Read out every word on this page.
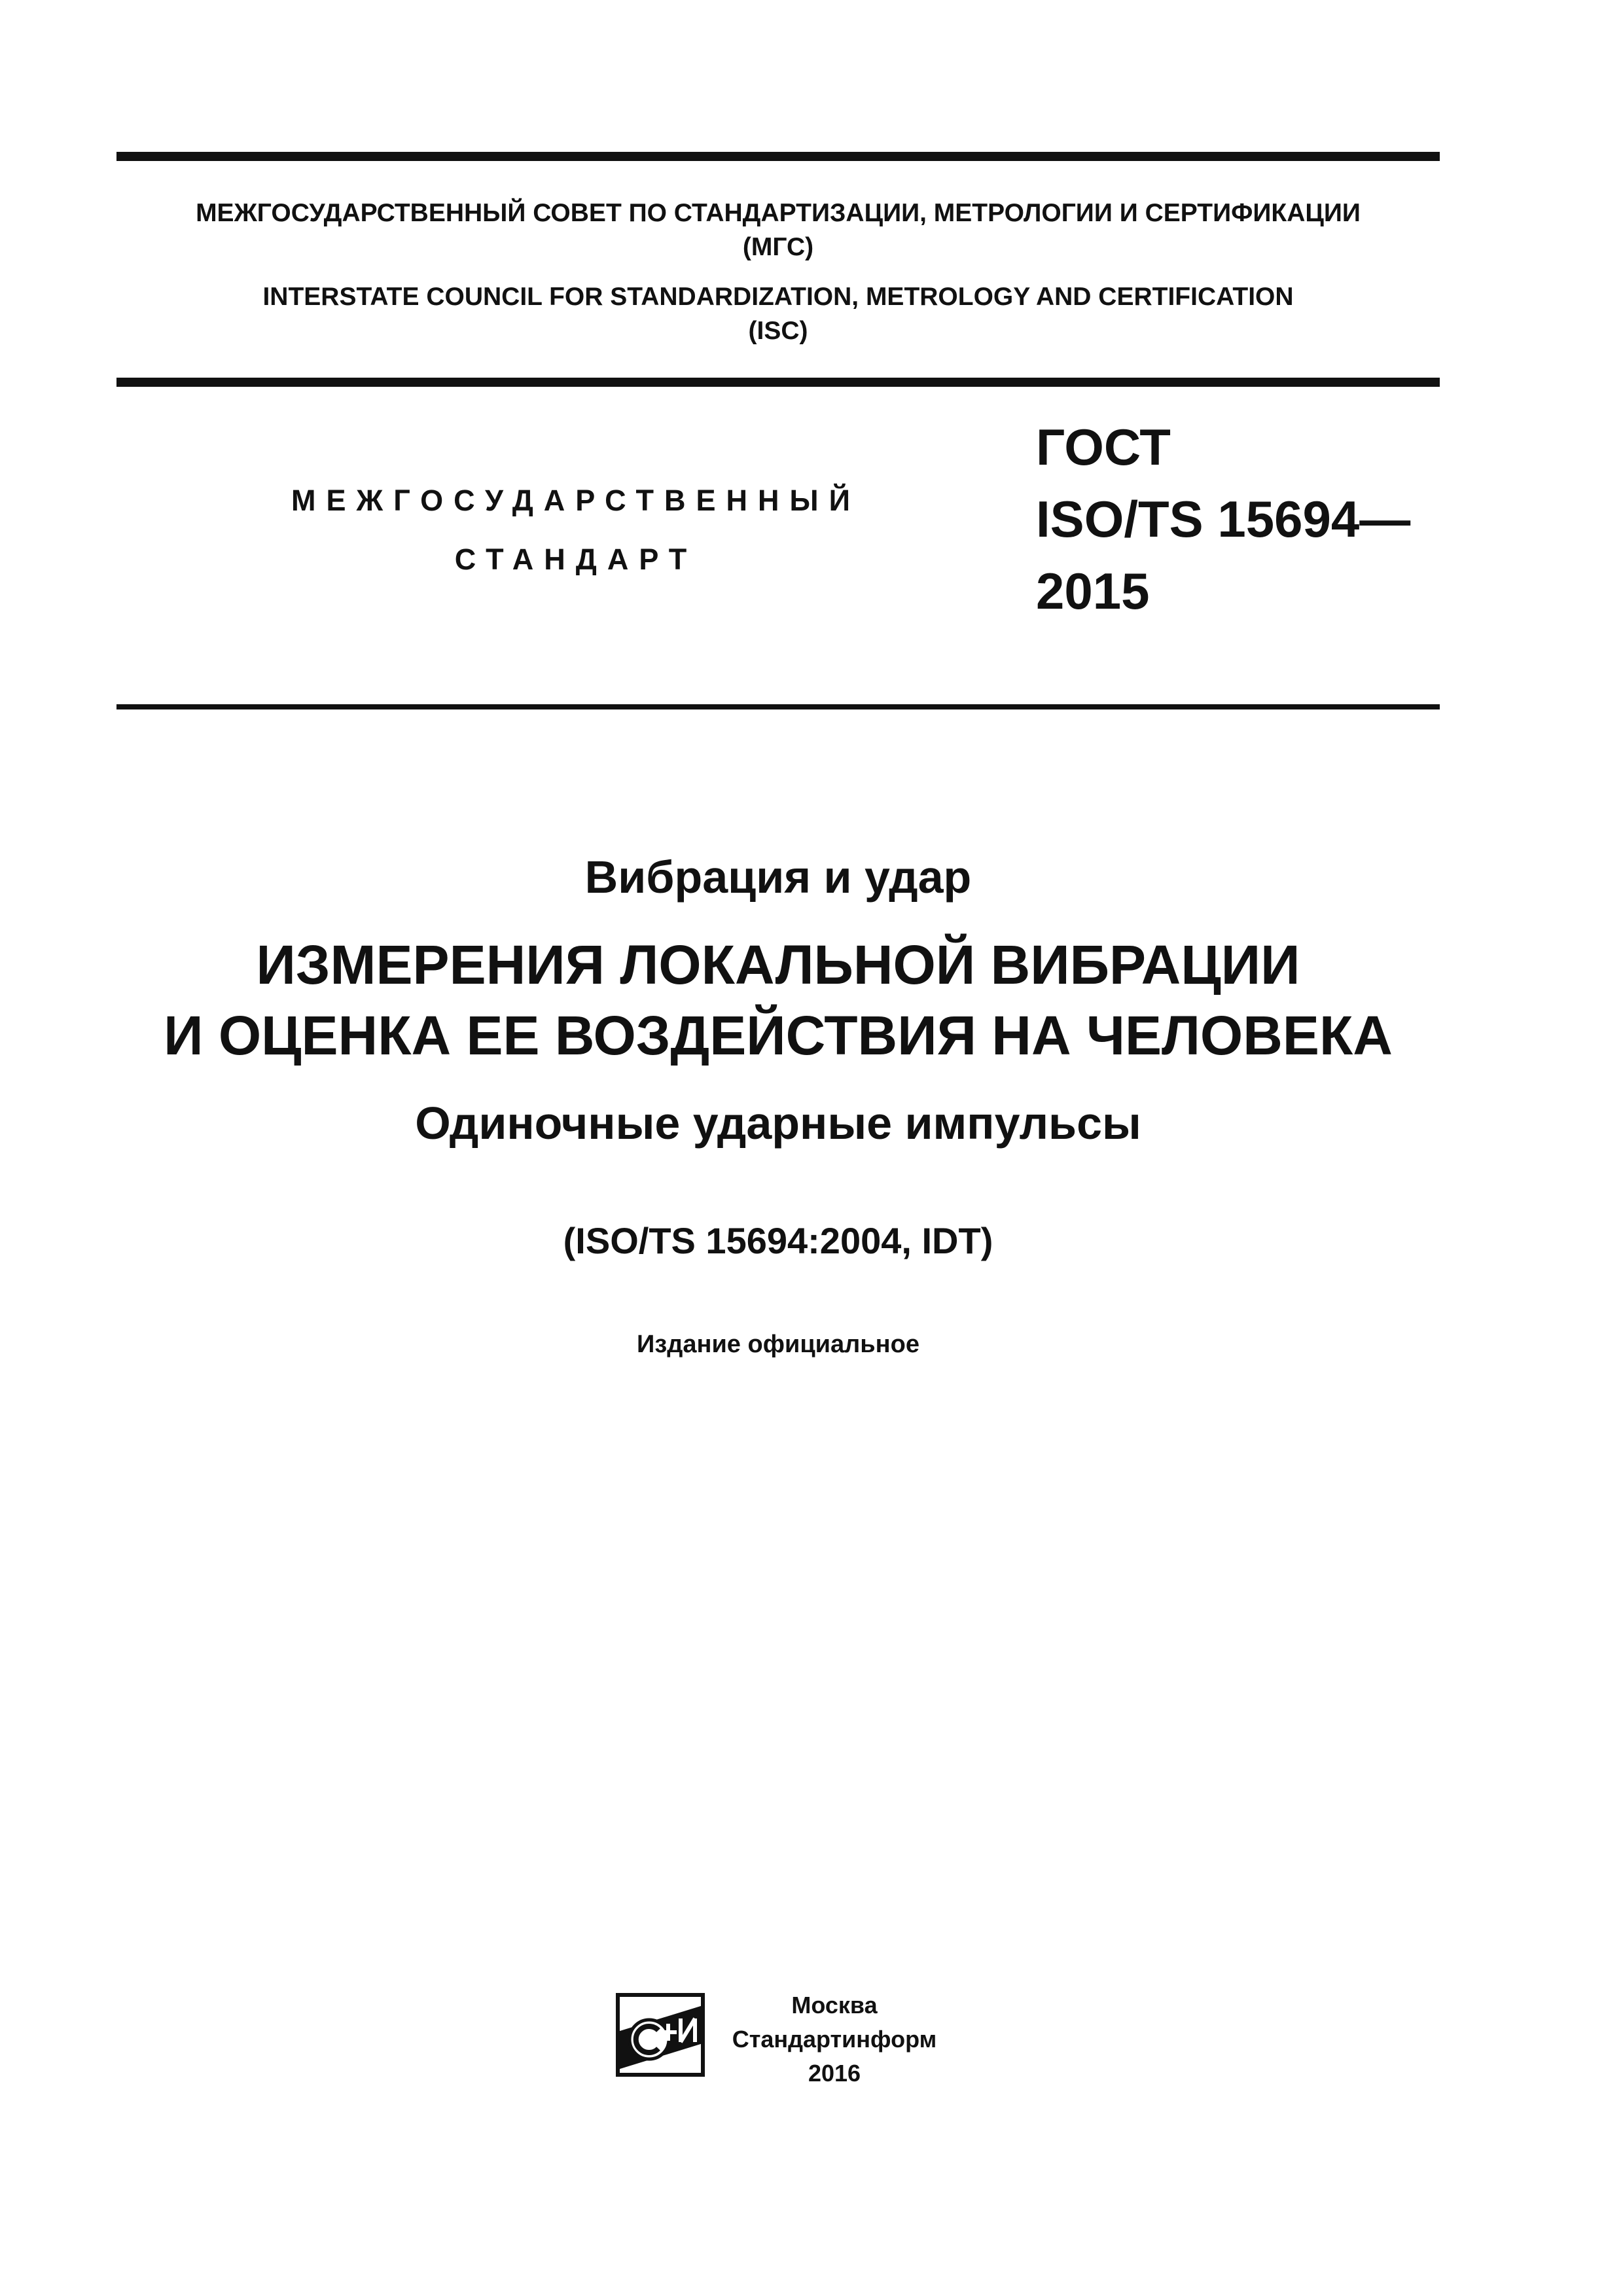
МЕЖГОСУДАРСТВЕННЫЙ СОВЕТ ПО СТАНДАРТИЗАЦИИ, МЕТРОЛОГИИ И СЕРТИФИКАЦИИ
(МГС)
INTERSTATE COUNCIL FOR STANDARDIZATION, METROLOGY AND CERTIFICATION
(ISC)
МЕЖГОСУДАРСТВЕННЫЙ
СТАНДАРТ
ГОСТ
ISO/TS 15694—
2015
Вибрация и удар
ИЗМЕРЕНИЯ ЛОКАЛЬНОЙ ВИБРАЦИИ
И ОЦЕНКА ЕЕ ВОЗДЕЙСТВИЯ НА ЧЕЛОВЕКА
Одиночные ударные импульсы
(ISO/TS 15694:2004, IDT)
Издание официальное
Москва
Стандартинформ
2016
